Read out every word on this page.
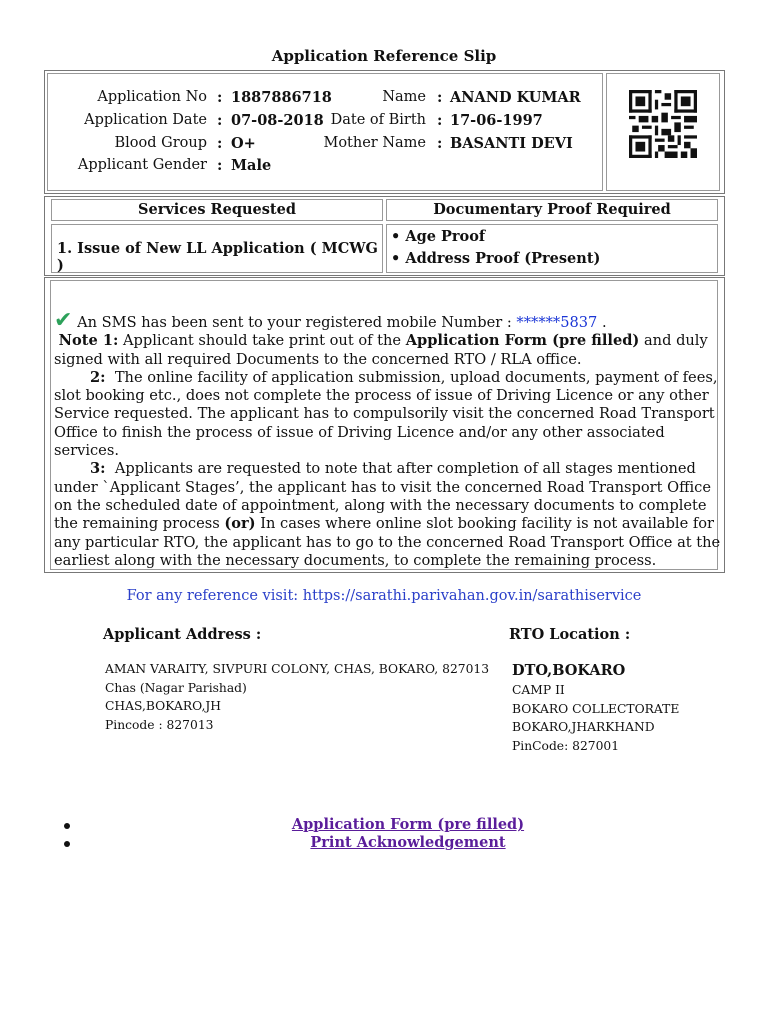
Application Reference Slip
Application No : 1887886718
Application Date : 07-08-2018
Blood Group : O+
Applicant Gender : Male
Name : ANAND KUMAR
Date of Birth : 17-06-1997
Mother Name : BASANTI DEVI
Services Requested	Documentary Proof Required
1. Issue of New LL Application ( MCWG )
• Age Proof
• Address Proof (Present)
✔ An SMS has been sent to your registered mobile Number : ******5837 .
Note 1: Applicant should take print out of the Application Form (pre filled) and duly signed with all required Documents to the concerned RTO / RLA office.
2: The online facility of application submission, upload documents, payment of fees, slot booking etc., does not complete the process of issue of Driving Licence or any other Service requested. The applicant has to compulsorily visit the concerned Road Transport Office to finish the process of issue of Driving Licence and/or any other associated services.
3: Applicants are requested to note that after completion of all stages mentioned under `Applicant Stages’, the applicant has to visit the concerned Road Transport Office on the scheduled date of appointment, along with the necessary documents to complete the remaining process (or) In cases where online slot booking facility is not available for any particular RTO, the applicant has to go to the concerned Road Transport Office at the earliest along with the necessary documents, to complete the remaining process.
For any reference visit: https://sarathi.parivahan.gov.in/sarathiservice
Applicant Address :	RTO Location :
AMAN VARAITY, SIVPURI COLONY, CHAS, BOKARO, 827013
Chas (Nagar Parishad)
CHAS,BOKARO,JH
Pincode : 827013
DTO,BOKARO
CAMP II
BOKARO COLLECTORATE
BOKARO,JHARKHAND
PinCode: 827001
Application Form (pre filled)
Print Acknowledgement
